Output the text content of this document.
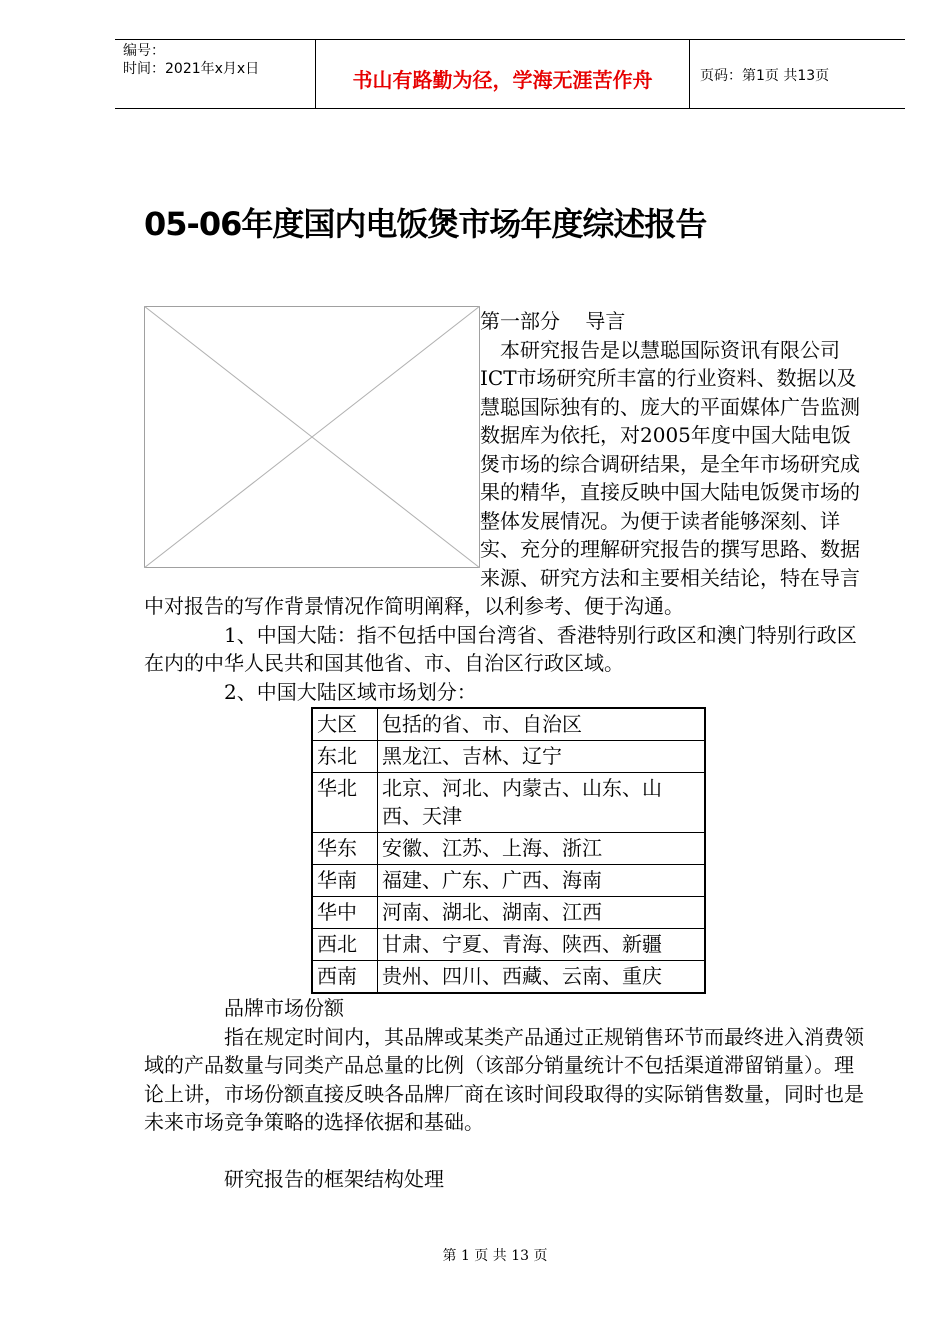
编号：
时间：2021年x月x日	书山有路勤为径，学海无涯苦作舟	页码：第1页 共13页
05-06年度国内电饭煲市场年度综述报告

第一部分    导言

本研究报告是以慧聪国际资讯有限公司ICT市场研究所丰富的行业资料、数据以及慧聪国际独有的、庞大的平面媒体广告监测数据库为依托，对2005年度中国大陆电饭煲市场的综合调研结果，是全年市场研究成果的精华，直接反映中国大陆电饭煲市场的整体发展情况。为便于读者能够深刻、详实、充分的理解研究报告的撰写思路、数据来源、研究方法和主要相关结论，特在导言中对报告的写作背景情况作简明阐释，以利参考、便于沟通。

1、中国大陆：指不包括中国台湾省、香港特别行政区和澳门特别行政区在内的中华人民共和国其他省、市、自治区行政区域。

2、中国大陆区域市场划分：

大区	包括的省、市、自治区
东北	黑龙江、吉林、辽宁
华北	北京、河北、内蒙古、山东、山西、天津
华东	安徽、江苏、上海、浙江
华南	福建、广东、广西、海南
华中	河南、湖北、湖南、江西
西北	甘肃、宁夏、青海、陕西、新疆
西南	贵州、四川、西藏、云南、重庆

品牌市场份额

指在规定时间内，其品牌或某类产品通过正规销售环节而最终进入消费领域的产品数量与同类产品总量的比例（该部分销量统计不包括渠道滞留销量）。理论上讲，市场份额直接反映各品牌厂商在该时间段取得的实际销售数量，同时也是未来市场竞争策略的选择依据和基础。

研究报告的框架结构处理

第 1 页 共 13 页
